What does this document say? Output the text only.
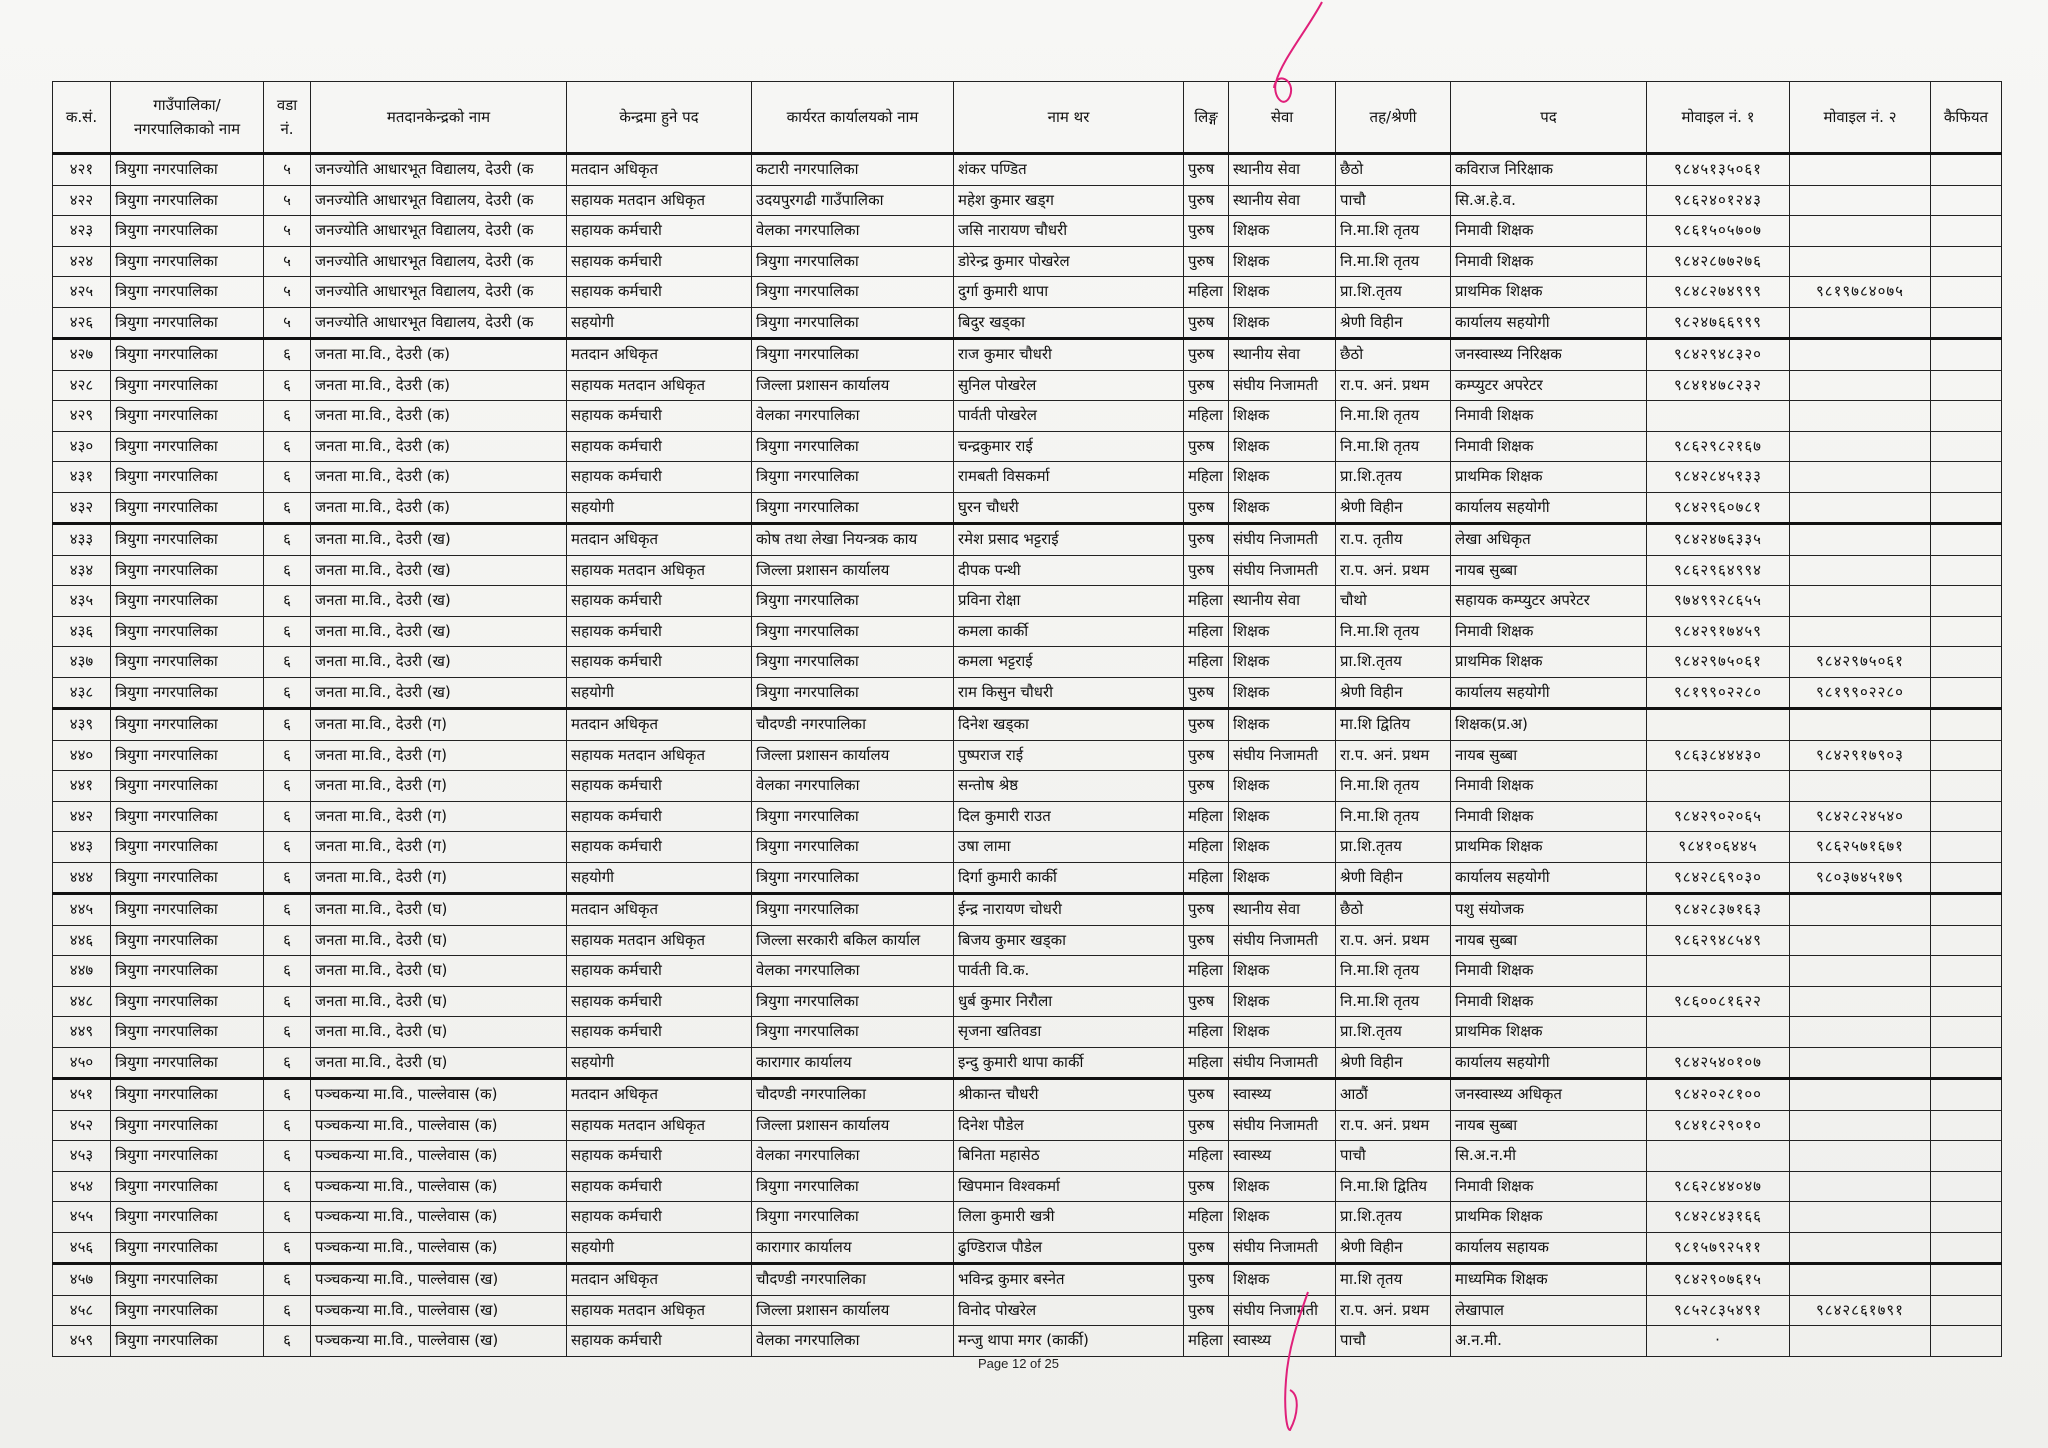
क.सं.	गाउँपालिका/नगरपालिकाको नाम	वडा नं.	मतदानकेन्द्रको नाम	केन्द्रमा हुने पद	कार्यरत कार्यालयको नाम	नाम थर	लिङ्ग	सेवा	तह/श्रेणी	पद	मोवाइल नं. १	मोवाइल नं. २	कैफियत
४२१	त्रियुगा नगरपालिका	५	जनज्योति आधारभूत विद्यालय, देउरी (क	मतदान अधिकृत	कटारी नगरपालिका	शंकर पण्डित	पुरुष	स्थानीय सेवा	छैठो	कविराज निरिक्षाक	९८४५१३५०६१		
४२२	त्रियुगा नगरपालिका	५	जनज्योति आधारभूत विद्यालय, देउरी (क	सहायक मतदान अधिकृत	उदयपुरगढी गाउँपालिका	महेश कुमार खड्ग	पुरुष	स्थानीय सेवा	पाचौ	सि.अ.हे.व.	९८६२४०१२४३		
४२३	त्रियुगा नगरपालिका	५	जनज्योति आधारभूत विद्यालय, देउरी (क	सहायक कर्मचारी	वेलका नगरपालिका	जसि नारायण चौधरी	पुरुष	शिक्षक	नि.मा.शि तृतय	निमावी शिक्षक	९८६१५०५७०७		
४२४	त्रियुगा नगरपालिका	५	जनज्योति आधारभूत विद्यालय, देउरी (क	सहायक कर्मचारी	त्रियुगा नगरपालिका	डोरेन्द्र कुमार पोखरेल	पुरुष	शिक्षक	नि.मा.शि तृतय	निमावी शिक्षक	९८४२८७७२७६		
४२५	त्रियुगा नगरपालिका	५	जनज्योति आधारभूत विद्यालय, देउरी (क	सहायक कर्मचारी	त्रियुगा नगरपालिका	दुर्गा कुमारी थापा	महिला	शिक्षक	प्रा.शि.तृतय	प्राथमिक शिक्षक	९८४८२७४९९९	९८१९७८४०७५	
४२६	त्रियुगा नगरपालिका	५	जनज्योति आधारभूत विद्यालय, देउरी (क	सहयोगी	त्रियुगा नगरपालिका	बिदुर खड्का	पुरुष	शिक्षक	श्रेणी विहीन	कार्यालय सहयोगी	९८२४७६६९९९		
४२७	त्रियुगा नगरपालिका	६	जनता मा.वि., देउरी (क)	मतदान अधिकृत	त्रियुगा नगरपालिका	राज कुमार चाैधरी	पुरुष	स्थानीय सेवा	छैठो	जनस्वास्थ्य निरिक्षक	९८४२९४८३२०		
४२८	त्रियुगा नगरपालिका	६	जनता मा.वि., देउरी (क)	सहायक मतदान अधिकृत	जिल्ला प्रशासन कार्यालय	सुनिल पोखरेल	पुरुष	संघीय निजामती	रा.प. अनं. प्रथम	कम्प्युटर अपरेटर	९८४१४७८२३२		
४२९	त्रियुगा नगरपालिका	६	जनता मा.वि., देउरी (क)	सहायक कर्मचारी	वेलका नगरपालिका	पार्वती पोखरेल	महिला	शिक्षक	नि.मा.शि तृतय	निमावी शिक्षक			
४३०	त्रियुगा नगरपालिका	६	जनता मा.वि., देउरी (क)	सहायक कर्मचारी	त्रियुगा नगरपालिका	चन्द्रकुमार राई	पुरुष	शिक्षक	नि.मा.शि तृतय	निमावी शिक्षक	९८६२९८२१६७		
४३१	त्रियुगा नगरपालिका	६	जनता मा.वि., देउरी (क)	सहायक कर्मचारी	त्रियुगा नगरपालिका	रामबती विसकर्मा	महिला	शिक्षक	प्रा.शि.तृतय	प्राथमिक शिक्षक	९८४२८४५१३३		
४३२	त्रियुगा नगरपालिका	६	जनता मा.वि., देउरी (क)	सहयोगी	त्रियुगा नगरपालिका	घुरन चौधरी	पुरुष	शिक्षक	श्रेणी विहीन	कार्यालय सहयोगी	९८४२९६०७८१		
४३३	त्रियुगा नगरपालिका	६	जनता मा.वि., देउरी (ख)	मतदान अधिकृत	कोष तथा लेखा नियन्त्रक काय	रमेश प्रसाद भट्टराई	पुरुष	संघीय निजामती	रा.प. तृतीय	लेखा अधिकृत	९८४२४७६३३५		
४३४	त्रियुगा नगरपालिका	६	जनता मा.वि., देउरी (ख)	सहायक मतदान अधिकृत	जिल्ला प्रशासन कार्यालय	दीपक पन्थी	पुरुष	संघीय निजामती	रा.प. अनं. प्रथम	नायब सुब्बा	९८६२९६४९९४		
४३५	त्रियुगा नगरपालिका	६	जनता मा.वि., देउरी (ख)	सहायक कर्मचारी	त्रियुगा नगरपालिका	प्रविना रोक्षा	महिला	स्थानीय सेवा	चौथो	सहायक कम्प्युटर अपरेटर	९७४९९२८६५५		
४३६	त्रियुगा नगरपालिका	६	जनता मा.वि., देउरी (ख)	सहायक कर्मचारी	त्रियुगा नगरपालिका	कमला कार्की	महिला	शिक्षक	नि.मा.शि तृतय	निमावी शिक्षक	९८४२९१७४५९		
४३७	त्रियुगा नगरपालिका	६	जनता मा.वि., देउरी (ख)	सहायक कर्मचारी	त्रियुगा नगरपालिका	कमला भट्टराई	महिला	शिक्षक	प्रा.शि.तृतय	प्राथमिक शिक्षक	९८४२९७५०६१	९८४२९७५०६१	
४३८	त्रियुगा नगरपालिका	६	जनता मा.वि., देउरी (ख)	सहयोगी	त्रियुगा नगरपालिका	राम किसुन चाैधरी	पुरुष	शिक्षक	श्रेणी विहीन	कार्यालय सहयोगी	९८१९९०२२८०	९८१९९०२२८०	
४३९	त्रियुगा नगरपालिका	६	जनता मा.वि., देउरी (ग)	मतदान अधिकृत	चौदण्डी नगरपालिका	दिनेश खड्का	पुरुष	शिक्षक	मा.शि द्वितिय	शिक्षक(प्र.अ)			
४४०	त्रियुगा नगरपालिका	६	जनता मा.वि., देउरी (ग)	सहायक मतदान अधिकृत	जिल्ला प्रशासन कार्यालय	पुष्पराज राई	पुरुष	संघीय निजामती	रा.प. अनं. प्रथम	नायब सुब्बा	९८६३८४४४३०	९८४२९१७९०३	
४४१	त्रियुगा नगरपालिका	६	जनता मा.वि., देउरी (ग)	सहायक कर्मचारी	वेलका नगरपालिका	सन्तोष श्रेष्ठ	पुरुष	शिक्षक	नि.मा.शि तृतय	निमावी शिक्षक			
४४२	त्रियुगा नगरपालिका	६	जनता मा.वि., देउरी (ग)	सहायक कर्मचारी	त्रियुगा नगरपालिका	दिल कुमारी राउत	महिला	शिक्षक	नि.मा.शि तृतय	निमावी शिक्षक	९८४२९०२०६५	९८४२८२४५४०	
४४३	त्रियुगा नगरपालिका	६	जनता मा.वि., देउरी (ग)	सहायक कर्मचारी	त्रियुगा नगरपालिका	उषा लामा	महिला	शिक्षक	प्रा.शि.तृतय	प्राथमिक शिक्षक	९८४१०६४४५	९८६२५७१६७१	
४४४	त्रियुगा नगरपालिका	६	जनता मा.वि., देउरी (ग)	सहयोगी	त्रियुगा नगरपालिका	दिर्गा कुमारी कार्की	महिला	शिक्षक	श्रेणी विहीन	कार्यालय सहयोगी	९८४२८६९०३०	९८०३७४५१७९	
४४५	त्रियुगा नगरपालिका	६	जनता मा.वि., देउरी (घ)	मतदान अधिकृत	त्रियुगा नगरपालिका	ईन्द्र नारायण चोधरी	पुरुष	स्थानीय सेवा	छैठो	पशु संयोजक	९८४२८३७१६३		
४४६	त्रियुगा नगरपालिका	६	जनता मा.वि., देउरी (घ)	सहायक मतदान अधिकृत	जिल्ला सरकारी बकिल कार्याल	बिजय कुमार खड्का	पुरुष	संघीय निजामती	रा.प. अनं. प्रथम	नायब सुब्बा	९८६२९४८५४९		
४४७	त्रियुगा नगरपालिका	६	जनता मा.वि., देउरी (घ)	सहायक कर्मचारी	वेलका नगरपालिका	पार्वती वि.क.	महिला	शिक्षक	नि.मा.शि तृतय	निमावी शिक्षक			
४४८	त्रियुगा नगरपालिका	६	जनता मा.वि., देउरी (घ)	सहायक कर्मचारी	त्रियुगा नगरपालिका	धुर्ब कुमार निरौला	पुरुष	शिक्षक	नि.मा.शि तृतय	निमावी शिक्षक	९८६००८१६२२		
४४९	त्रियुगा नगरपालिका	६	जनता मा.वि., देउरी (घ)	सहायक कर्मचारी	त्रियुगा नगरपालिका	सृजना खतिवडा	महिला	शिक्षक	प्रा.शि.तृतय	प्राथमिक शिक्षक			
४५०	त्रियुगा नगरपालिका	६	जनता मा.वि., देउरी (घ)	सहयोगी	कारागार कार्यालय	इन्दु कुमारी थापा कार्की	महिला	संघीय निजामती	श्रेणी विहीन	कार्यालय सहयोगी	९८४२५४०१०७		
४५१	त्रियुगा नगरपालिका	६	पञ्चकन्या मा.वि., पाल्लेवास (क)	मतदान अधिकृत	चौदण्डी नगरपालिका	श्रीकान्त चौधरी	पुरुष	स्वास्थ्य	आठौं	जनस्वास्थ्य अधिकृत	९८४२०२८१००		
४५२	त्रियुगा नगरपालिका	६	पञ्चकन्या मा.वि., पाल्लेवास (क)	सहायक मतदान अधिकृत	जिल्ला प्रशासन कार्यालय	दिनेश पौडेल	पुरुष	संघीय निजामती	रा.प. अनं. प्रथम	नायब सुब्बा	९८४१८२९०१०		
४५३	त्रियुगा नगरपालिका	६	पञ्चकन्या मा.वि., पाल्लेवास (क)	सहायक कर्मचारी	वेलका नगरपालिका	बिनिता महासेठ	महिला	स्वास्थ्य	पाचौ	सि.अ.न.मी			
४५४	त्रियुगा नगरपालिका	६	पञ्चकन्या मा.वि., पाल्लेवास (क)	सहायक कर्मचारी	त्रियुगा नगरपालिका	खिपमान विश्वकर्मा	पुरुष	शिक्षक	नि.मा.शि द्वितिय	निमावी शिक्षक	९८६२८४४०४७		
४५५	त्रियुगा नगरपालिका	६	पञ्चकन्या मा.वि., पाल्लेवास (क)	सहायक कर्मचारी	त्रियुगा नगरपालिका	लिला कुमारी खत्री	महिला	शिक्षक	प्रा.शि.तृतय	प्राथमिक शिक्षक	९८४२८४३१६६		
४५६	त्रियुगा नगरपालिका	६	पञ्चकन्या मा.वि., पाल्लेवास (क)	सहयोगी	कारागार कार्यालय	ढुण्डिराज पाैडेल	पुरुष	संघीय निजामती	श्रेणी विहीन	कार्यालय सहायक	९८१५७९२५११		
४५७	त्रियुगा नगरपालिका	६	पञ्चकन्या मा.वि., पाल्लेवास (ख)	मतदान अधिकृत	चौदण्डी नगरपालिका	भविन्द्र कुमार बस्नेत	पुरुष	शिक्षक	मा.शि तृतय	माध्यमिक शिक्षक	९८४२९०७६१५		
४५८	त्रियुगा नगरपालिका	६	पञ्चकन्या मा.वि., पाल्लेवास (ख)	सहायक मतदान अधिकृत	जिल्ला प्रशासन कार्यालय	विनोद पोखरेल	पुरुष	संघीय निजामती	रा.प. अनं. प्रथम	लेखापाल	९८५२८३५४९१	९८४२८६१७९१	
४५९	त्रियुगा नगरपालिका	६	पञ्चकन्या मा.वि., पाल्लेवास (ख)	सहायक कर्मचारी	वेलका नगरपालिका	मन्जु थापा मगर (कार्की)	महिला	स्वास्थ्य	पाचौ	अ.न.मी.	·		
Page 12 of 25
